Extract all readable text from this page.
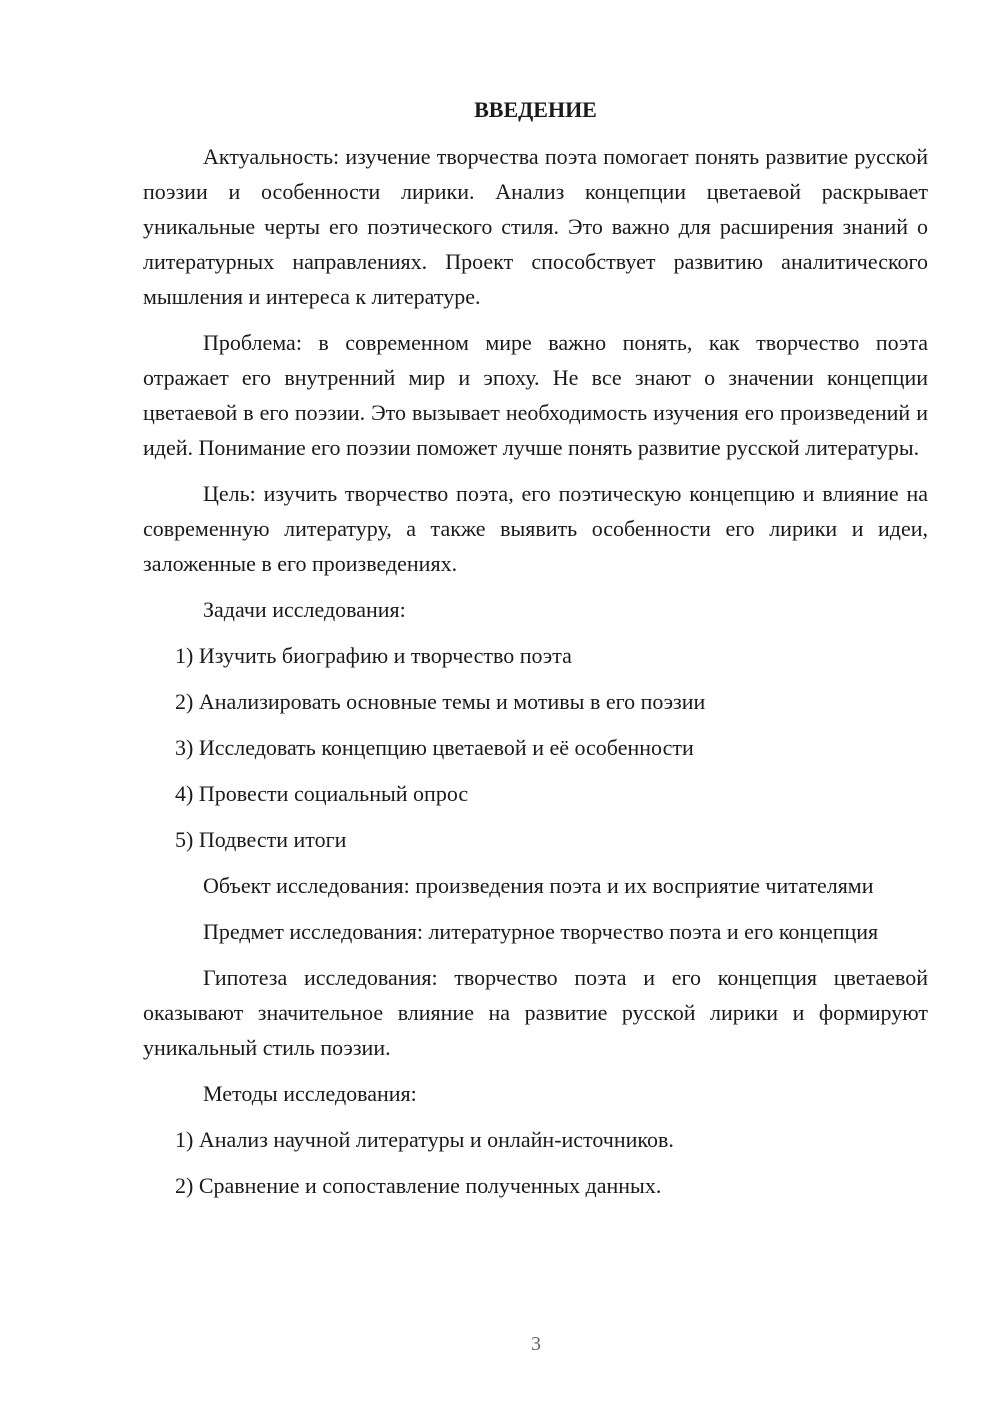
ВВЕДЕНИЕ

Актуальность: изучение творчества поэта помогает понять развитие русской поэзии и особенности лирики. Анализ концепции цветаевой раскрывает уникальные черты его поэтического стиля. Это важно для расширения знаний о литературных направлениях. Проект способствует развитию аналитического мышления и интереса к литературе.

Проблема: в современном мире важно понять, как творчество поэта отражает его внутренний мир и эпоху. Не все знают о значении концепции цветаевой в его поэзии. Это вызывает необходимость изучения его произведений и идей. Понимание его поэзии поможет лучше понять развитие русской литературы.

Цель: изучить творчество поэта, его поэтическую концепцию и влияние на современную литературу, а также выявить особенности его лирики и идеи, заложенные в его произведениях.

Задачи исследования:

1) Изучить биографию и творчество поэта
2) Анализировать основные темы и мотивы в его поэзии
3) Исследовать концепцию цветаевой и её особенности
4) Провести социальный опрос
5) Подвести итоги

Объект исследования: произведения поэта и их восприятие читателями

Предмет исследования: литературное творчество поэта и его концепция

Гипотеза исследования: творчество поэта и его концепция цветаевой оказывают значительное влияние на развитие русской лирики и формируют уникальный стиль поэзии.

Методы исследования:

1) Анализ научной литературы и онлайн-источников.
2) Сравнение и сопоставление полученных данных.
3
